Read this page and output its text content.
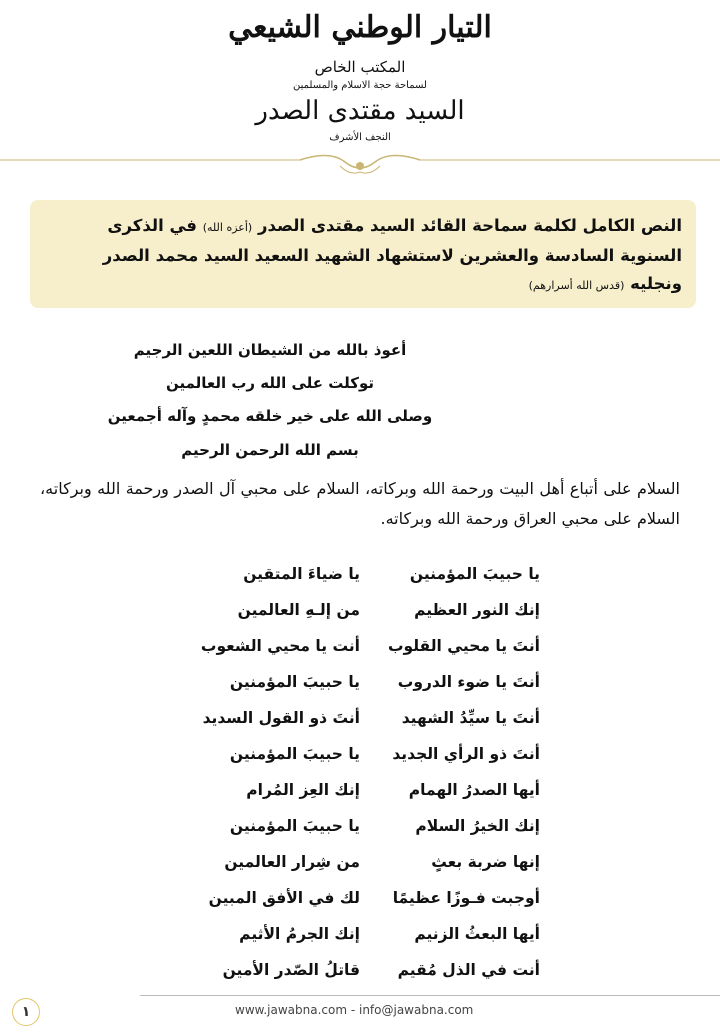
التيار الوطني الشيعي
المكتب الخاص
لسماحة حجة الاسلام والمسلمين
السيد مقتدى الصدر
النجف الأشرف

النص الكامل لكلمة سماحة القائد السيد مقتدى الصدر (أعزه الله) في الذكرى

السنوية السادسة والعشرين لاستشهاد الشهيد السعيد السيد محمد الصدر

ونجليه (قدس الله أسرارهم)

أعوذ بالله من الشيطان اللعين الرجيم
توكلت على الله رب العالمين
وصلى الله على خير خلقه محمدٍ وآله أجمعين
بسم الله الرحمن الرحيم
السلام على أتباع أهل البيت ورحمة الله وبركاته، السلام على محبي آل الصدر ورحمة الله وبركاته، السلام على محبي العراق ورحمة الله وبركاته.
يا حبيبَ المؤمنين
يا ضياءَ المتقين
إنك النور العظيم
من إلـهِ العالمين
أنتَ يا محيي القلوب
أنت يا محيي الشعوب
أنتَ يا ضوء الدروب
يا حبيبَ المؤمنين
أنتَ يا سيِّدُ الشهيد
أنتَ ذو القول السديد
أنتَ ذو الرأي الجديد
يا حبيبَ المؤمنين
أيها الصدرُ الهمام
إنك العِز المُرام
إنك الخيرُ السلام
يا حبيبَ المؤمنين
إنها ضربة بعثٍ
من شِرار العالمين
أوجبت فـوزًا عظيمًا
لك في الأفق المبين
أيها البعثُ الزنيم
إنك الجرمُ الأثيم
أنت في الذل مُقيم
قاتلُ الصّدر الأمين
١	www.jawabna.com - info@jawabna.com
